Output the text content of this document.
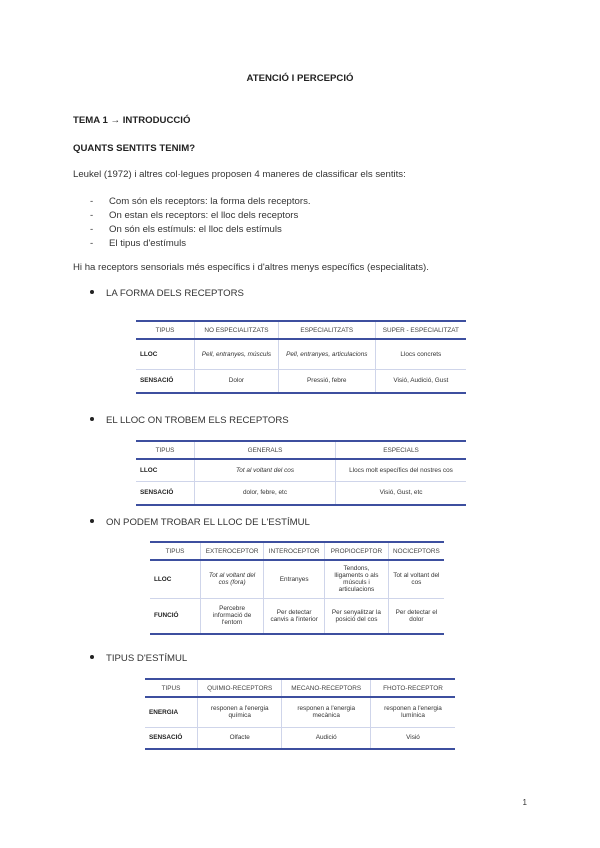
ATENCIÓ I PERCEPCIÓ
TEMA 1 → INTRODUCCIÓ
QUANTS SENTITS TENIM?
Leukel (1972) i altres col·legues proposen 4 maneres de classificar els sentits:
- Com són els receptors: la forma dels receptors.
- On estan els receptors: el lloc dels receptors
- On són els estímuls: el lloc dels estímuls
- El tipus d'estímuls
Hi ha receptors sensorials més específics i d'altres menys específics (especialitats).
LA FORMA DELS RECEPTORS
TIPUS	NO ESPECIALITZATS	ESPECIALITZATS	SUPER - ESPECIALITZAT
LLOC	Pell, entranyes, músculs	Pell, entranyes, articulacions	Llocs concrets
SENSACIÓ	Dolor	Pressió, febre	Visió, Audició, Gust
EL LLOC ON TROBEM ELS RECEPTORS
TIPUS	GENERALS	ESPECIALS
LLOC	Tot al voltant del cos	Llocs molt específics del nostres cos
SENSACIÓ	dolor, febre, etc	Visió, Gust, etc
ON PODEM TROBAR EL LLOC DE L'ESTÍMUL
TIPUS	EXTEROCEPTOR	INTEROCEPTOR	PROPIOCEPTOR	NOCICEPTORS
LLOC	Tot al voltant del cos (fora)	Entranyes	Tendons, lligaments o als músculs i articulacions	Tot al voltant del cos
FUNCIÓ	Percebre informació de l'entorn	Per detectar canvis a l'interior	Per senyalitzar la posició del cos	Per detectar el dolor
TIPUS D'ESTÍMUL
TIPUS	QUIMIO-RECEPTORS	MECANO-RECEPTORS	FHOTO-RECEPTOR
ENERGIA	responen a l'energia química	responen a l'energia mecànica	responen a l'energia lumínica
SENSACIÓ	Olfacte	Audició	Visió
1
